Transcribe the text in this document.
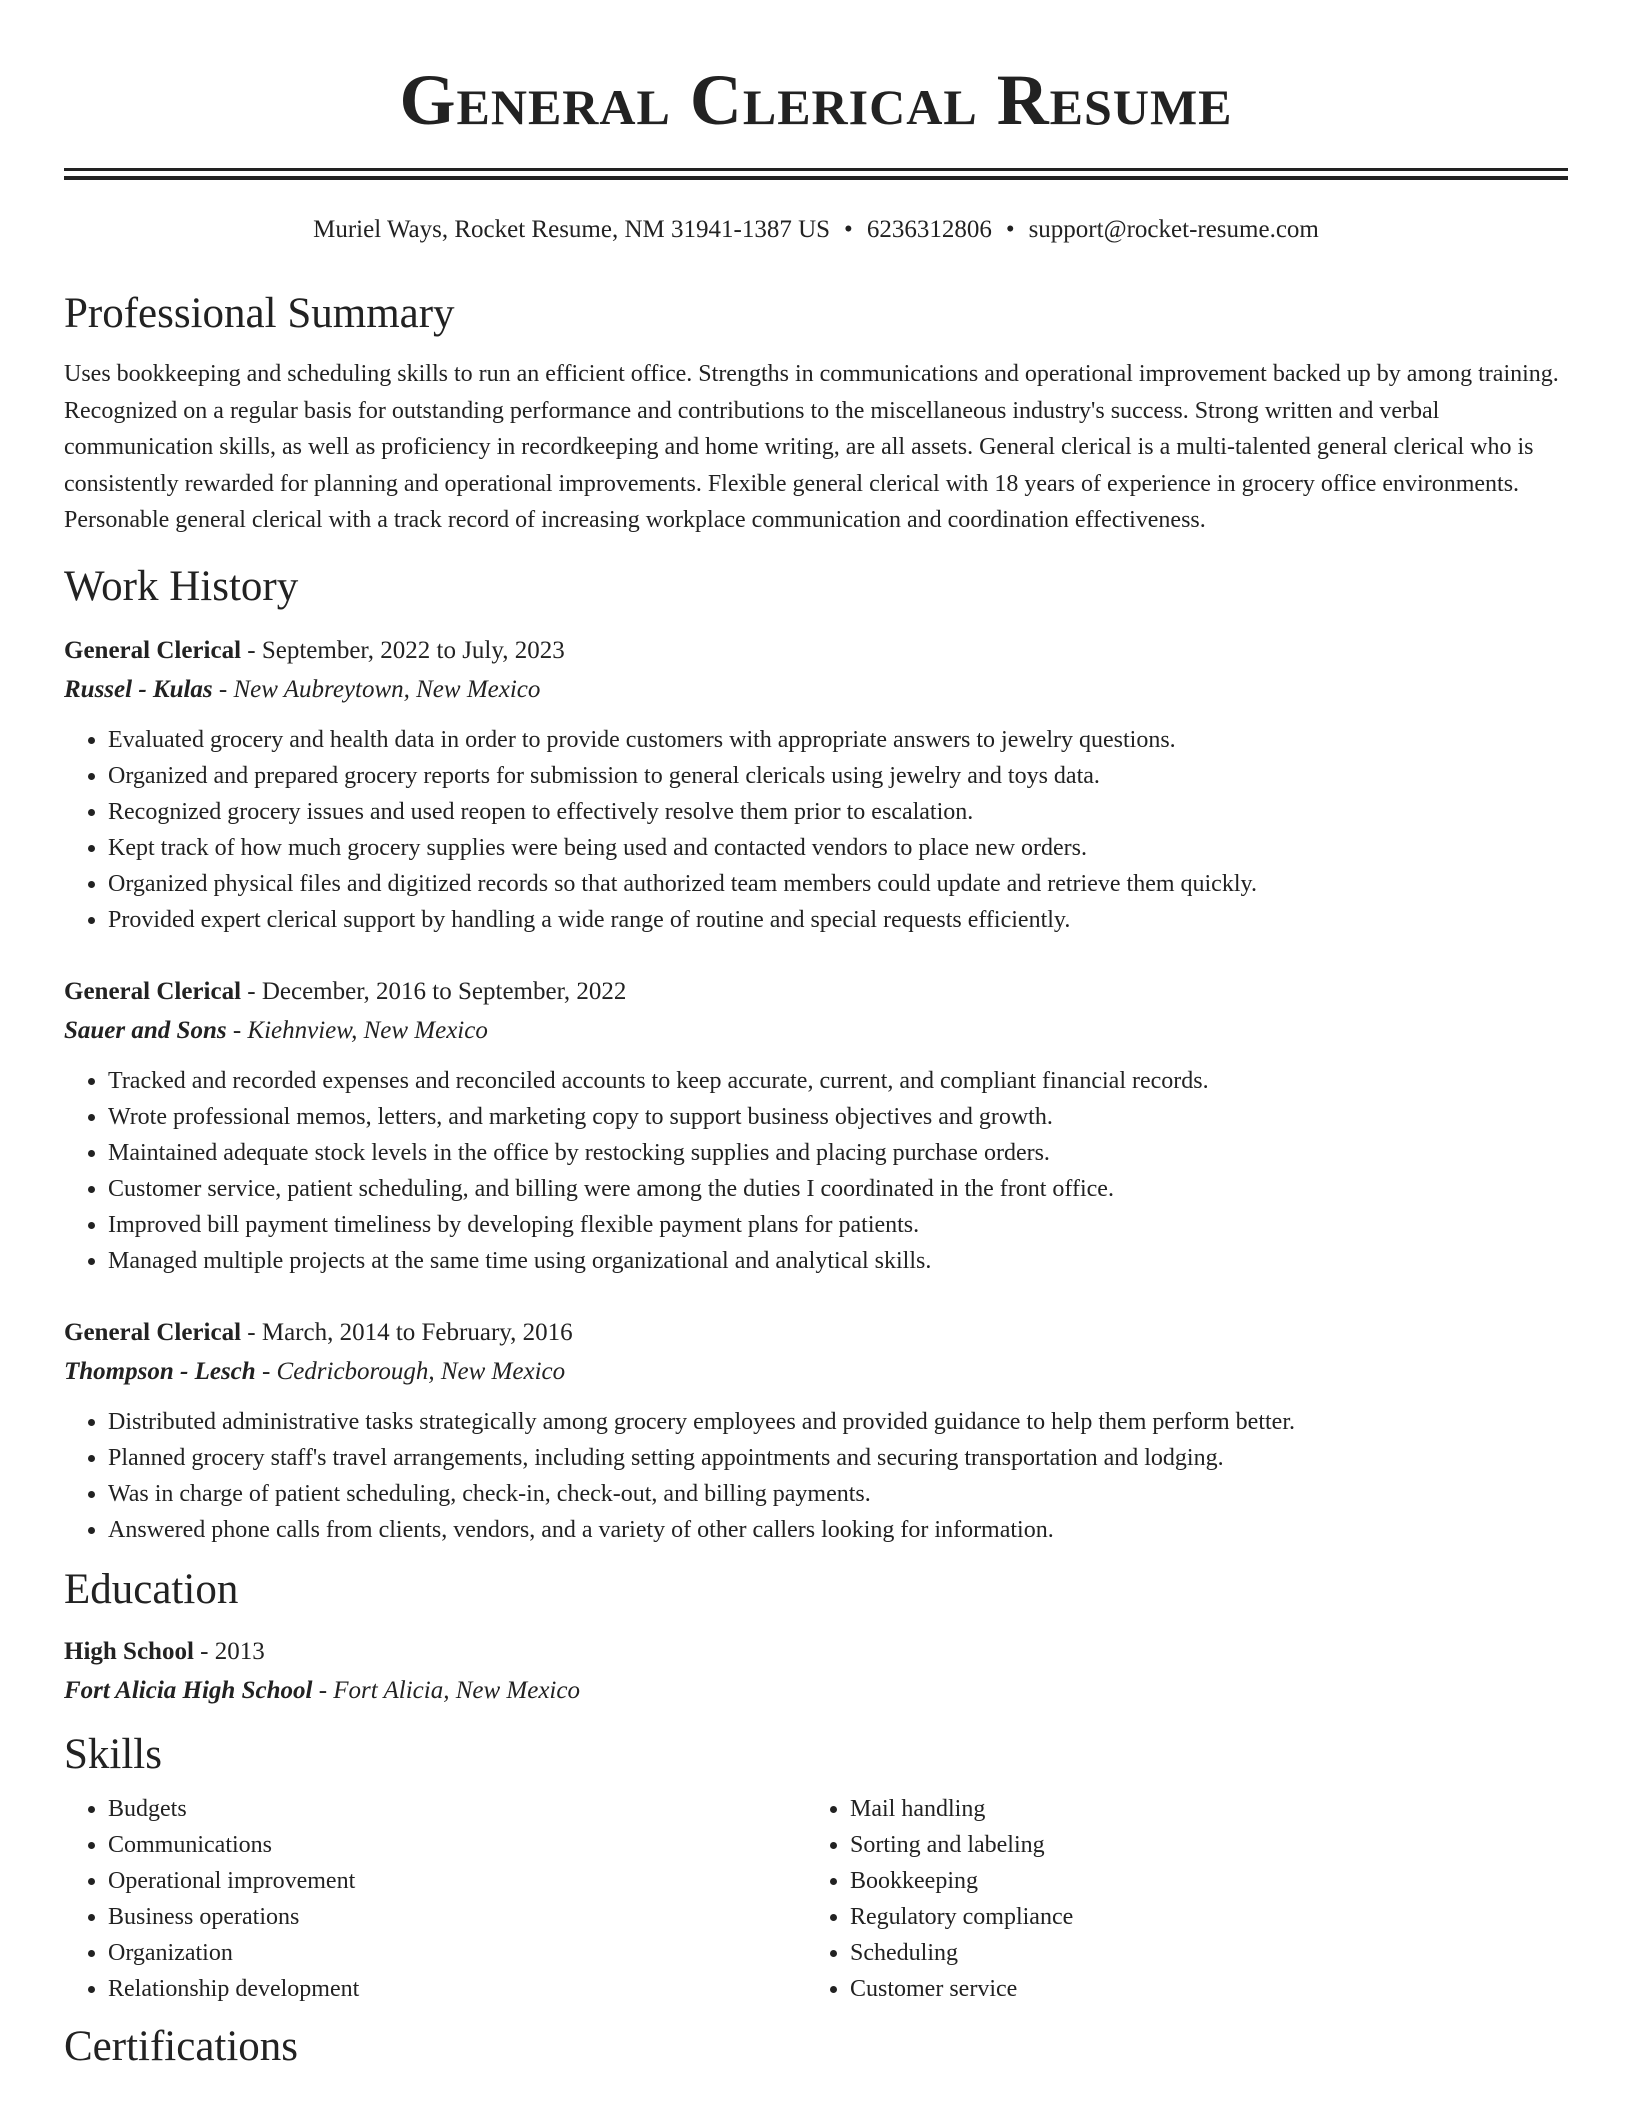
General Clerical Resume
Muriel Ways, Rocket Resume, NM 31941-1387 US • 6236312806 • support@rocket-resume.com
Professional Summary
Uses bookkeeping and scheduling skills to run an efficient office. Strengths in communications and operational improvement backed up by among training. Recognized on a regular basis for outstanding performance and contributions to the miscellaneous industry's success. Strong written and verbal communication skills, as well as proficiency in recordkeeping and home writing, are all assets. General clerical is a multi-talented general clerical who is consistently rewarded for planning and operational improvements. Flexible general clerical with 18 years of experience in grocery office environments. Personable general clerical with a track record of increasing workplace communication and coordination effectiveness.
Work History
General Clerical - September, 2022 to July, 2023
Russel - Kulas - New Aubreytown, New Mexico
• Evaluated grocery and health data in order to provide customers with appropriate answers to jewelry questions.
• Organized and prepared grocery reports for submission to general clericals using jewelry and toys data.
• Recognized grocery issues and used reopen to effectively resolve them prior to escalation.
• Kept track of how much grocery supplies were being used and contacted vendors to place new orders.
• Organized physical files and digitized records so that authorized team members could update and retrieve them quickly.
• Provided expert clerical support by handling a wide range of routine and special requests efficiently.
General Clerical - December, 2016 to September, 2022
Sauer and Sons - Kiehnview, New Mexico
• Tracked and recorded expenses and reconciled accounts to keep accurate, current, and compliant financial records.
• Wrote professional memos, letters, and marketing copy to support business objectives and growth.
• Maintained adequate stock levels in the office by restocking supplies and placing purchase orders.
• Customer service, patient scheduling, and billing were among the duties I coordinated in the front office.
• Improved bill payment timeliness by developing flexible payment plans for patients.
• Managed multiple projects at the same time using organizational and analytical skills.
General Clerical - March, 2014 to February, 2016
Thompson - Lesch - Cedricborough, New Mexico
• Distributed administrative tasks strategically among grocery employees and provided guidance to help them perform better.
• Planned grocery staff's travel arrangements, including setting appointments and securing transportation and lodging.
• Was in charge of patient scheduling, check-in, check-out, and billing payments.
• Answered phone calls from clients, vendors, and a variety of other callers looking for information.
Education
High School - 2013
Fort Alicia High School - Fort Alicia, New Mexico
Skills
• Budgets
• Communications
• Operational improvement
• Business operations
• Organization
• Relationship development
• Mail handling
• Sorting and labeling
• Bookkeeping
• Regulatory compliance
• Scheduling
• Customer service
Certifications
